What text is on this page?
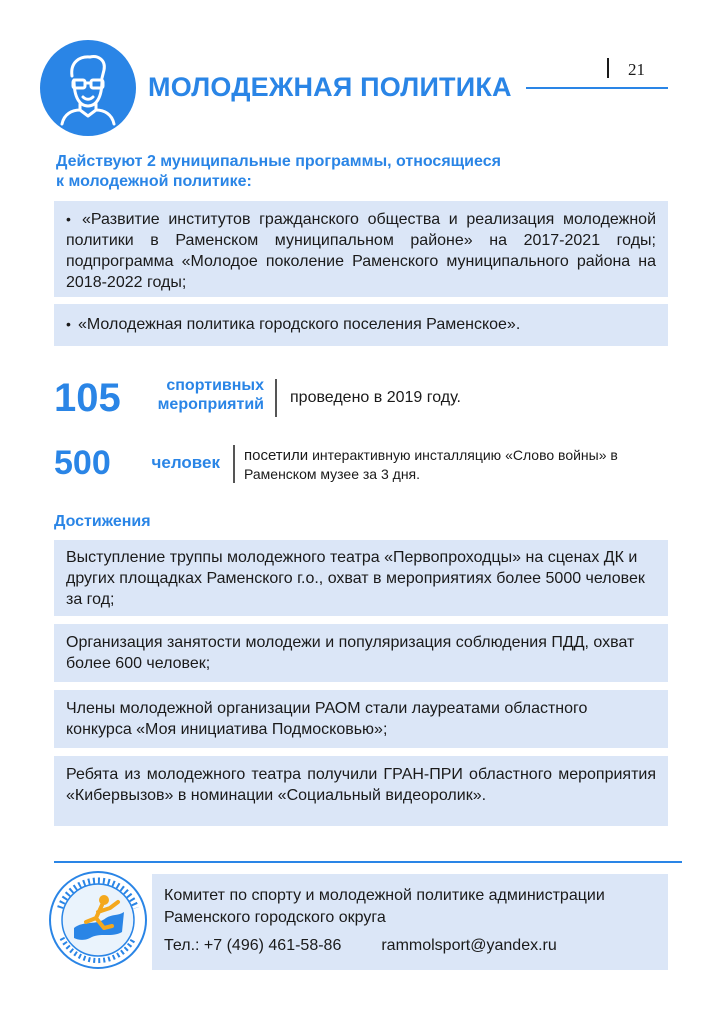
МОЛОДЕЖНАЯ ПОЛИТИКА
21
Действуют 2 муниципальные программы, относящиеся
к молодежной политике:
• «Развитие институтов гражданского общества и реализация молодежной политики в Раменском муниципальном районе» на 2017-2021 годы; подпрограмма «Молодое поколение Раменского муниципального района на 2018-2022 годы;
• «Молодежная политика городского поселения Раменское».
105	спортивных
мероприятий проведено в 2019 году.
500	человек посетили интерактивную инсталляцию «Слово войны» в Раменском музее за 3 дня.
Достижения
Выступление труппы молодежного театра «Первопроходцы» на сценах ДК и других площадках Раменского г.о., охват в мероприятиях более 5000 человек за год;
Организация занятости молодежи и популяризация соблюдения ПДД, охват более 600 человек;
Члены молодежной организации РАОМ стали лауреатами областного конкурса «Моя инициатива Подмосковью»;
Ребята из молодежного театра получили ГРАН-ПРИ областного мероприятия «Кибервызов» в номинации «Социальный видеоролик».
Комитет по спорту и молодежной политике администрации
Раменского городского округа
Тел.: +7 (496) 461-58-86	rammolsport@yandex.ru
